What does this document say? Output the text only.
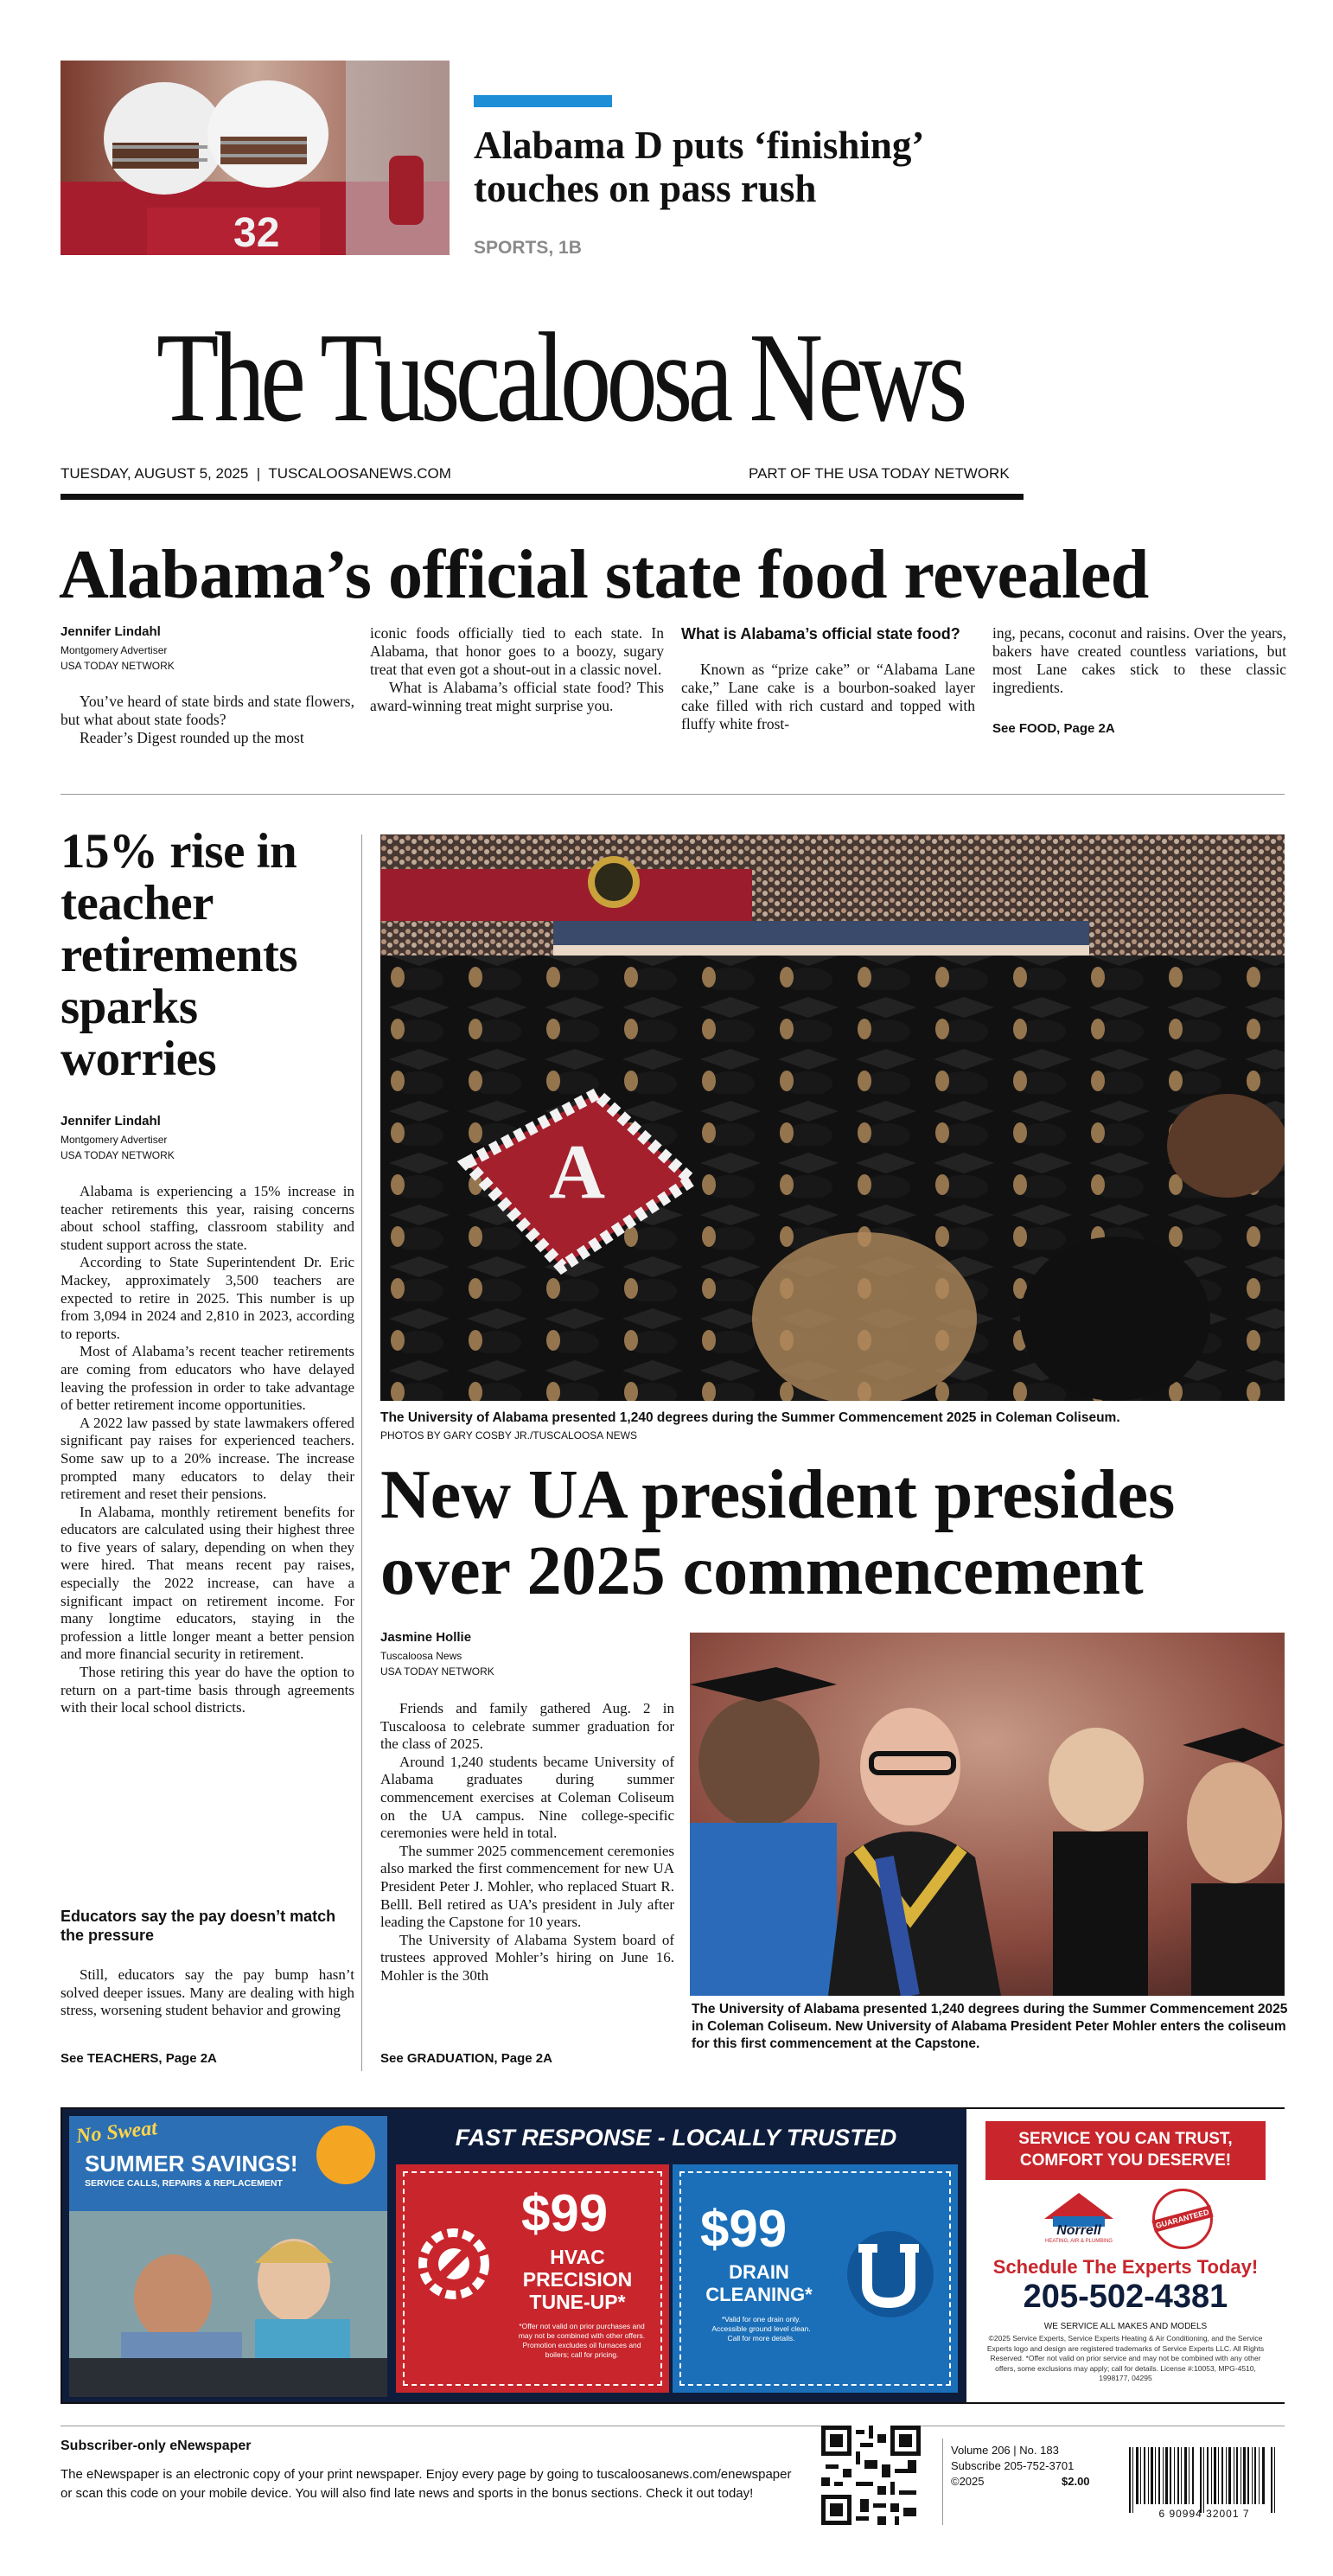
32
Alabama D puts ‘finishing’
touches on pass rush
SPORTS, 1B
The Tuscaloosa News
TUESDAY, AUGUST 5, 2025  |  TUSCALOOSANEWS.COM	PART OF THE USA TODAY NETWORK
Alabama’s official state food revealed
Jennifer Lindahl
Montgomery Advertiser
USA TODAY NETWORK

You’ve heard of state birds and state flowers, but what about state foods?

Reader’s Digest rounded up the most

iconic foods officially tied to each state. In Alabama, that honor goes to a boozy, sugary treat that even got a shout-out in a classic novel.

What is Alabama’s official state food? This award-winning treat might surprise you.

What is Alabama’s official state food?

Known as “prize cake” or “Alabama Lane cake,” Lane cake is a bourbon-soaked layer cake filled with rich custard and topped with fluffy white frost-

ing, pecans, coconut and raisins. Over the years, bakers have created countless variations, but most Lane cakes stick to these classic ingredients.

See FOOD, Page 2A
15% rise in
teacher
retirements
sparks
worries
Jennifer Lindahl
Montgomery Advertiser
USA TODAY NETWORK

Alabama is experiencing a 15% increase in teacher retirements this year, raising concerns about school staffing, classroom stability and student support across the state.

According to State Superintendent Dr. Eric Mackey, approximately 3,500 teachers are expected to retire in 2025. This number is up from 3,094 in 2024 and 2,810 in 2023, according to reports.

Most of Alabama’s recent teacher retirements are coming from educators who have delayed leaving the profession in order to take advantage of better retirement income opportunities.

A 2022 law passed by state lawmakers offered significant pay raises for experienced teachers. Some saw up to a 20% increase. The increase prompted many educators to delay their retirement and reset their pensions.

In Alabama, monthly retirement benefits for educators are calculated using their highest three to five years of salary, depending on when they were hired. That means recent pay raises, especially the 2022 increase, can have a significant impact on retirement income. For many longtime educators, staying in the profession a little longer meant a better pension and more financial security in retirement.

Those retiring this year do have the option to return on a part-time basis through agreements with their local school districts.

Educators say the pay doesn’t match the pressure

Still, educators say the pay bump hasn’t solved deeper issues. Many are dealing with high stress, worsening student behavior and growing

See TEACHERS, Page 2A
A
The University of Alabama presented 1,240 degrees during the Summer Commencement 2025 in Coleman Coliseum.
PHOTOS BY GARY COSBY JR./TUSCALOOSA NEWS
New UA president presides
over 2025 commencement
Jasmine Hollie
Tuscaloosa News
USA TODAY NETWORK

Friends and family gathered Aug. 2 in Tuscaloosa to celebrate summer graduation for the class of 2025.

Around 1,240 students became University of Alabama graduates during summer commencement exercises at Coleman Coliseum on the UA campus. Nine college-specific ceremonies were held in total.

The summer 2025 commencement ceremonies also marked the first commencement for new UA President Peter J. Mohler, who replaced Stuart R. Belll. Bell retired as UA’s president in July after leading the Capstone for 10 years.

The University of Alabama System board of trustees approved Mohler’s hiring on June 16. Mohler is the 30th

See GRADUATION, Page 2A
The University of Alabama presented 1,240 degrees during the Summer Commencement 2025 in Coleman Coliseum. New University of Alabama President Peter Mohler enters the coliseum for this first commencement at the Capstone.
No Sweat
SUMMER SAVINGS!
SERVICE CALLS, REPAIRS & REPLACEMENT
FAST RESPONSE - LOCALLY TRUSTED
$99
HVAC
PRECISION
TUNE-UP*
*Offer not valid on prior purchases and may not be combined with other offers. Promotion excludes oil furnaces and boilers; call for pricing.
$99
DRAIN
CLEANING*
*Valid for one drain only. Accessible ground level clean. Call for more details.
SERVICE YOU CAN TRUST, COMFORT YOU DESERVE!
Norrell
HEATING, AIR & PLUMBING
GUARANTEED
Schedule The Experts Today!
205-502-4381
WE SERVICE ALL MAKES AND MODELS
©2025 Service Experts, Service Experts Heating & Air Conditioning, and the Service Experts logo and design are registered trademarks of Service Experts LLC. All Rights Reserved. *Offer not valid on prior service and may not be combined with any other offers, some exclusions may apply; call for details. License #:10053, MPG-4510, 1998177, 04295
Subscriber-only eNewspaper
The eNewspaper is an electronic copy of your print newspaper. Enjoy every page by going to tuscaloosanews.com/enewspaper or scan this code on your mobile device. You will also find late news and sports in the bonus sections. Check it out today!
Volume 206 | No. 183
Subscribe 205-752-3701
©2025	$2.00
6 90994 32001 7
